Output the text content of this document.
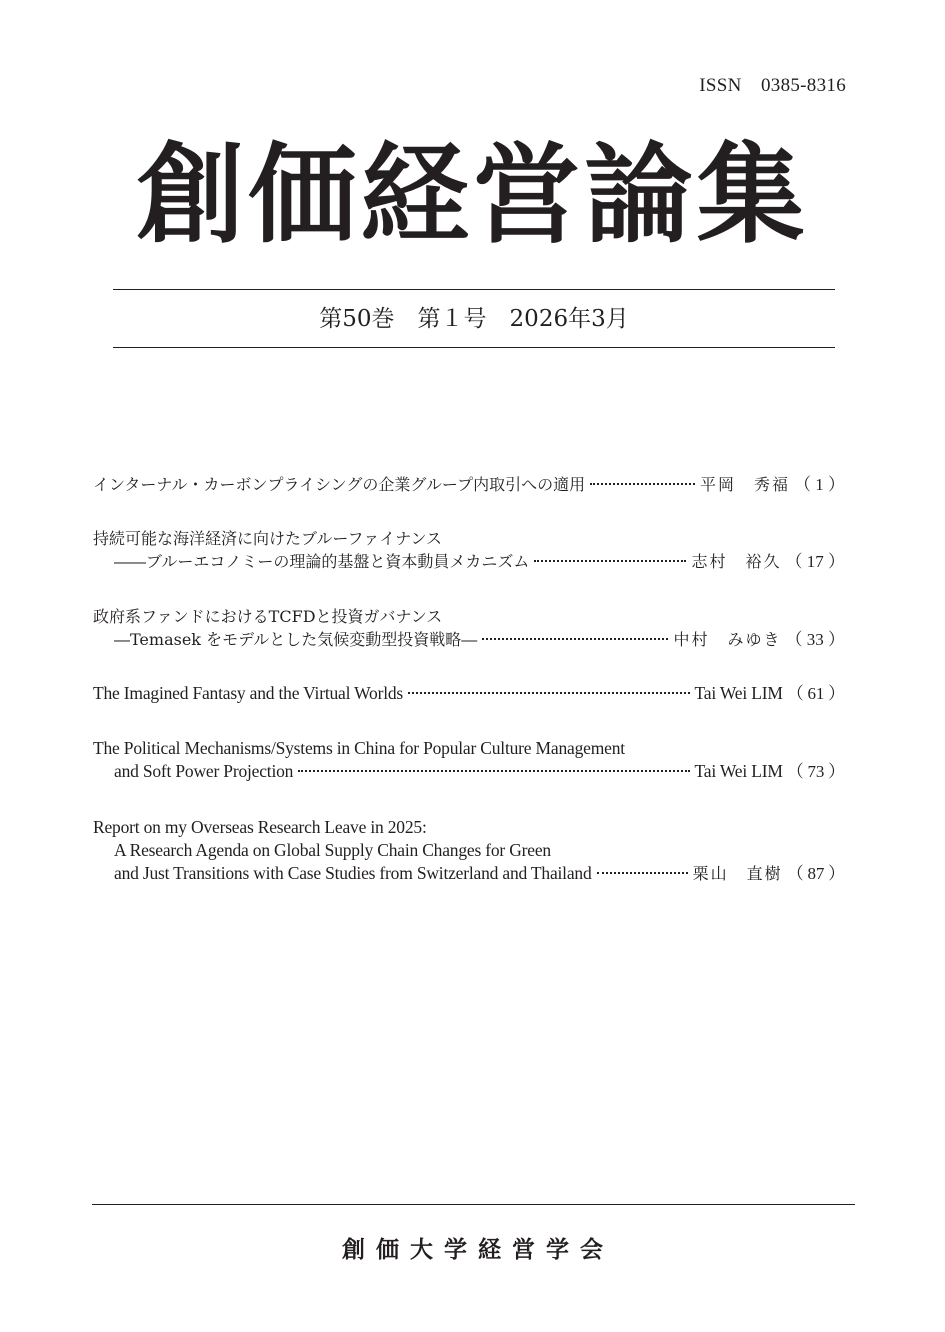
ISSN　0385-8316
創価経営論集
第50巻　 第１号　 2026年3月
インターナル・カーボンプライシングの企業グループ内取引への適用	平岡　秀福 （ 1 ）
持続可能な海洋経済に向けたブルーファイナンス
――ブルーエコノミーの理論的基盤と資本動員メカニズム	志村　裕久 （ 17 ）
政府系ファンドにおけるTCFDと投資ガバナンス
―Temasek をモデルとした気候変動型投資戦略―	中村　みゆき （ 33 ）
The Imagined Fantasy and the Virtual Worlds	Tai Wei LIM （ 61 ）
The Political Mechanisms/Systems in China for Popular Culture Management
and Soft Power Projection	Tai Wei LIM （ 73 ）
Report on my Overseas Research Leave in 2025:
A Research Agenda on Global Supply Chain Changes for Green
and Just Transitions with Case Studies from Switzerland and Thailand	栗山　直樹 （ 87 ）
創価大学経営学会
